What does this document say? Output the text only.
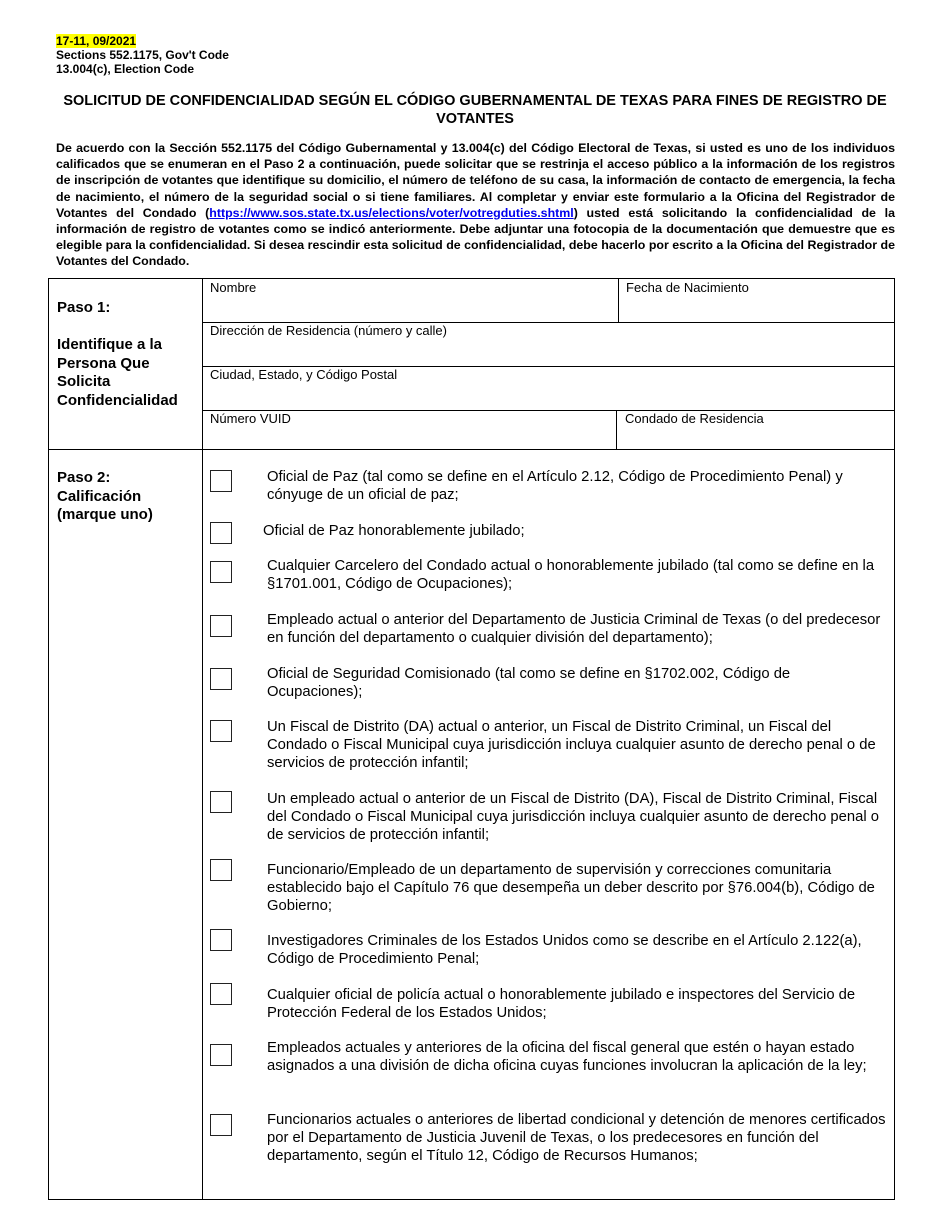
17-11, 09/2021
Sections 552.1175, Gov't Code
13.004(c), Election Code
SOLICITUD DE CONFIDENCIALIDAD SEGÚN EL CÓDIGO GUBERNAMENTAL DE TEXAS PARA FINES DE REGISTRO DE VOTANTES
De acuerdo con la Sección 552.1175 del Código Gubernamental y 13.004(c) del Código Electoral de Texas, si usted es uno de los individuos calificados que se enumeran en el Paso 2 a continuación, puede solicitar que se restrinja el acceso público a la información de los registros de inscripción de votantes que identifique su domicilio, el número de teléfono de su casa, la información de contacto de emergencia, la fecha de nacimiento, el número de la seguridad social o si tiene familiares. Al completar y enviar este formulario a la Oficina del Registrador de Votantes del Condado (https://www.sos.state.tx.us/elections/voter/votregduties.shtml) usted está solicitando la confidencialidad de la información de registro de votantes como se indicó anteriormente. Debe adjuntar una fotocopia de la documentación que demuestre que es elegible para la confidencialidad. Si desea rescindir esta solicitud de confidencialidad, debe hacerlo por escrito a la Oficina del Registrador de Votantes del Condado.
Paso 1:
Identifique a la
Persona Que
Solicita
Confidencialidad
Nombre	Fecha de Nacimiento
Dirección de Residencia (número y calle)
Ciudad, Estado, y Código Postal
Número VUID	Condado de Residencia
Paso 2:
Calificación
(marque uno)
Oficial de Paz (tal como se define en el Artículo 2.12, Código de Procedimiento Penal) y cónyuge de un oficial de paz;
Oficial de Paz honorablemente jubilado;
Cualquier Carcelero del Condado actual o honorablemente jubilado (tal como se define en la §1701.001, Código de Ocupaciones);
Empleado actual o anterior del Departamento de Justicia Criminal de Texas (o del predecesor en función del departamento o cualquier división del departamento);
Oficial de Seguridad Comisionado (tal como se define en §1702.002, Código de Ocupaciones);
Un Fiscal de Distrito (DA) actual o anterior, un Fiscal de Distrito Criminal, un Fiscal del Condado o Fiscal Municipal cuya jurisdicción incluya cualquier asunto de derecho penal o de servicios de protección infantil;
Un empleado actual o anterior de un Fiscal de Distrito (DA), Fiscal de Distrito Criminal, Fiscal del Condado o Fiscal Municipal cuya jurisdicción incluya cualquier asunto de derecho penal o de servicios de protección infantil;
Funcionario/Empleado de un departamento de supervisión y correcciones comunitaria establecido bajo el Capítulo 76 que desempeña un deber descrito por §76.004(b), Código de Gobierno;
Investigadores Criminales de los Estados Unidos como se describe en el Artículo 2.122(a), Código de Procedimiento Penal;
Cualquier oficial de policía actual o honorablemente jubilado e inspectores del Servicio de Protección Federal de los Estados Unidos;
Empleados actuales y anteriores de la oficina del fiscal general que estén o hayan estado asignados a una división de dicha oficina cuyas funciones involucran la aplicación de la ley;
Funcionarios actuales o anteriores de libertad condicional y detención de menores certificados por el Departamento de Justicia Juvenil de Texas, o los predecesores en función del departamento, según el Título 12, Código de Recursos Humanos;
